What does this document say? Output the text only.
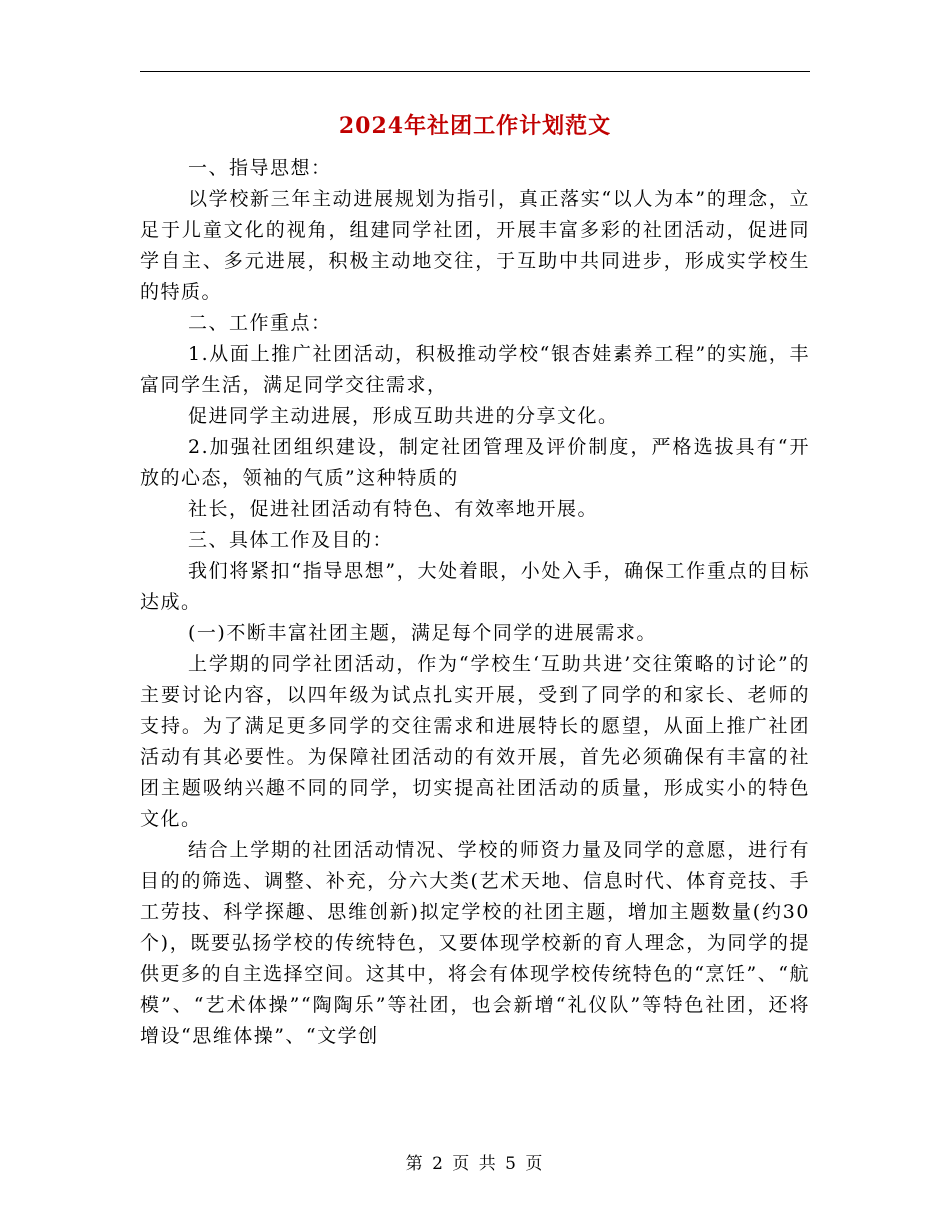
2024年社团工作计划范文

一、指导思想：

以学校新三年主动进展规划为指引，真正落实“以人为本”的理念，立足于儿童文化的视角，组建同学社团，开展丰富多彩的社团活动，促进同学自主、多元进展，积极主动地交往，于互助中共同进步，形成实学校生的特质。

二、工作重点：

1.从面上推广社团活动，积极推动学校“银杏娃素养工程”的实施，丰富同学生活，满足同学交往需求，

促进同学主动进展，形成互助共进的分享文化。

2.加强社团组织建设，制定社团管理及评价制度，严格选拔具有“开放的心态，领袖的气质”这种特质的

社长，促进社团活动有特色、有效率地开展。

三、具体工作及目的：

我们将紧扣“指导思想”，大处着眼，小处入手，确保工作重点的目标达成。

(一)不断丰富社团主题，满足每个同学的进展需求。

上学期的同学社团活动，作为“学校生‘互助共进’交往策略的讨论”的主要讨论内容，以四年级为试点扎实开展，受到了同学的和家长、老师的支持。为了满足更多同学的交往需求和进展特长的愿望，从面上推广社团活动有其必要性。为保障社团活动的有效开展，首先必须确保有丰富的社团主题吸纳兴趣不同的同学，切实提高社团活动的质量，形成实小的特色文化。

结合上学期的社团活动情况、学校的师资力量及同学的意愿，进行有目的的筛选、调整、补充，分六大类(艺术天地、信息时代、体育竞技、手工劳技、科学探趣、思维创新)拟定学校的社团主题，增加主题数量(约30个)，既要弘扬学校的传统特色，又要体现学校新的育人理念，为同学的提供更多的自主选择空间。这其中，将会有体现学校传统特色的“烹饪”、“航模”、“艺术体操”“陶陶乐”等社团，也会新增“礼仪队”等特色社团，还将增设“思维体操”、“文学创

第 2 页 共 5 页
